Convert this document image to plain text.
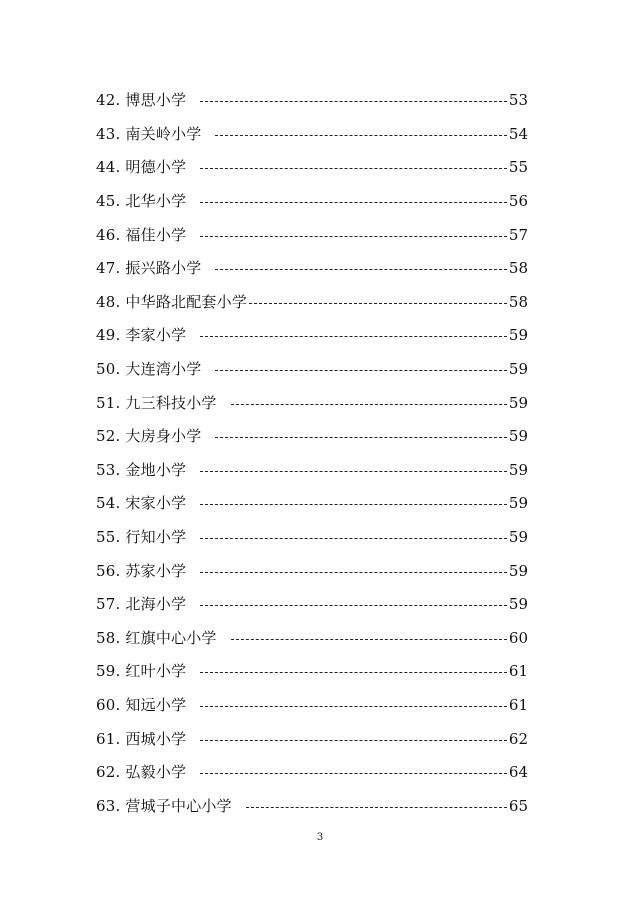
42. 博思小学	53
43. 南关岭小学	54
44. 明德小学	55
45. 北华小学	56
46. 福佳小学	57
47. 振兴路小学	58
48. 中华路北配套小学	58
49. 李家小学	59
50. 大连湾小学	59
51. 九三科技小学	59
52. 大房身小学	59
53. 金地小学	59
54. 宋家小学	59
55. 行知小学	59
56. 苏家小学	59
57. 北海小学	59
58. 红旗中心小学	60
59. 红叶小学	61
60. 知远小学	61
61. 西城小学	62
62. 弘毅小学	64
63. 营城子中心小学	65
3
